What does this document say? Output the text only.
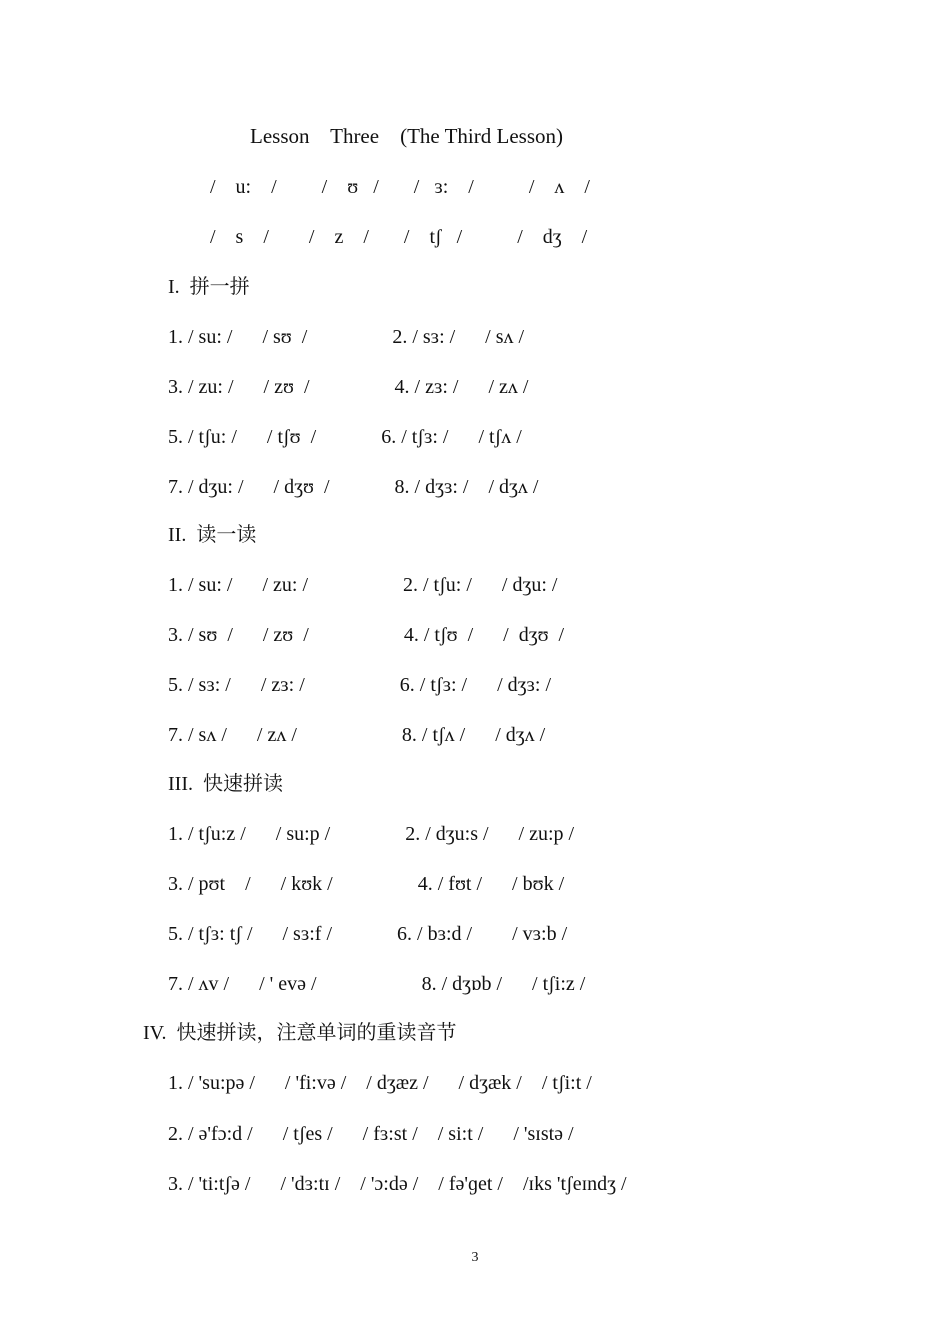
Lesson    Three    (The Third Lesson)
/    u:    /         /    ʊ   /       /   ɜ:    /           /    ʌ    /
/    s    /        /    z    /       /    tʃ   /           /    dʒ    /
I.  拼一拼
1. / su: /      / sʊ  /                 2. / sɜ: /      / sʌ /
3. / zu: /      / zʊ  /                 4. / zɜ: /      / zʌ /
5. / tʃu: /      / tʃʊ  /             6. / tʃɜ: /      / tʃʌ /
7. / dʒu: /      / dʒʊ  /             8. / dʒɜ: /    / dʒʌ /
II.  读一读
1. / su: /      / zu: /                   2. / tʃu: /      / dʒu: /
3. / sʊ  /      / zʊ  /                   4. / tʃʊ  /      /  dʒʊ  /
5. / sɜ: /      / zɜ: /                   6. / tʃɜ: /      / dʒɜ: /
7. / sʌ /      / zʌ /                     8. / tʃʌ /      / dʒʌ /
III.  快速拼读
1. / tʃu:z /      / su:p /               2. / dʒu:s /      / zu:p /
3. / pʊt    /      / kʊk /                 4. / fʊt /      / bʊk /
5. / tʃɜ: tʃ /      / sɜ:f /             6. / bɜ:d /        / vɜ:b /
7. / ʌv /      / ' evə /                     8. / dʒɒb /      / tʃi:z /
IV.  快速拼读，注意单词的重读音节
1. / 'su:pə /      / 'fi:və /    / dʒæz /      / dʒæk /    / tʃi:t /
2. / ə'fɔ:d /      / tʃes /      / fɜ:st /    / si:t /      / 'sɪstə /
3. / 'ti:tʃə /      / 'dɜ:tɪ /    / 'ɔ:də /    / fə'ɡet /    /ɪks 'tʃeɪndʒ /
3
